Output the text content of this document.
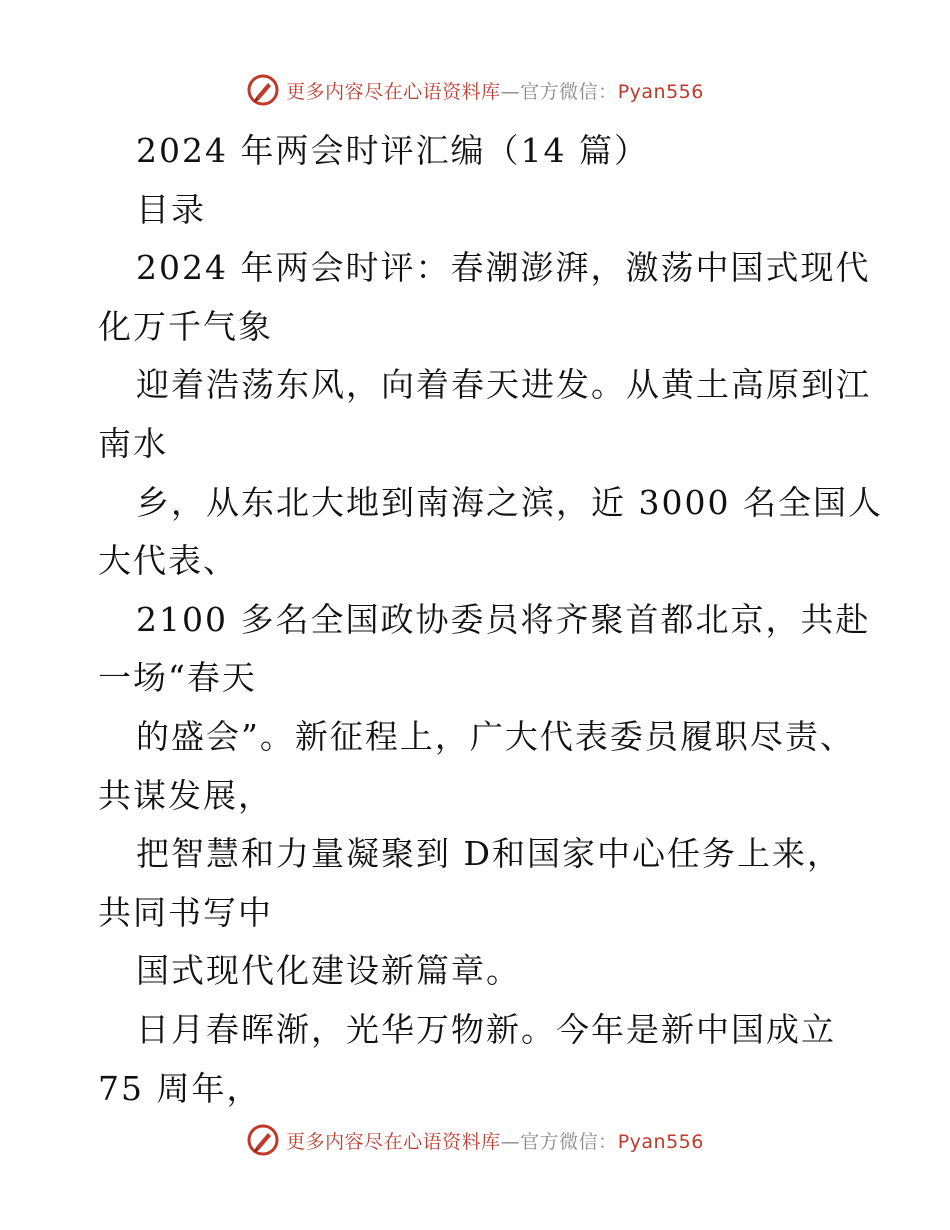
更多内容尽在心语资料库—官方微信：Pyan556
2024 年两会时评汇编（14 篇）
目录
2024 年两会时评：春潮澎湃，激荡中国式现代
化万千气象
迎着浩荡东风，向着春天进发。从黄土高原到江
南水
乡，从东北大地到南海之滨，近 3000 名全国人
大代表、
2100 多名全国政协委员将齐聚首都北京，共赴
一场“春天
的盛会”。新征程上，广大代表委员履职尽责、
共谋发展，
把智慧和力量凝聚到 D和国家中心任务上来，
共同书写中
国式现代化建设新篇章。
日月春晖渐，光华万物新。今年是新中国成立
75 周年，
更多内容尽在心语资料库—官方微信：Pyan556
